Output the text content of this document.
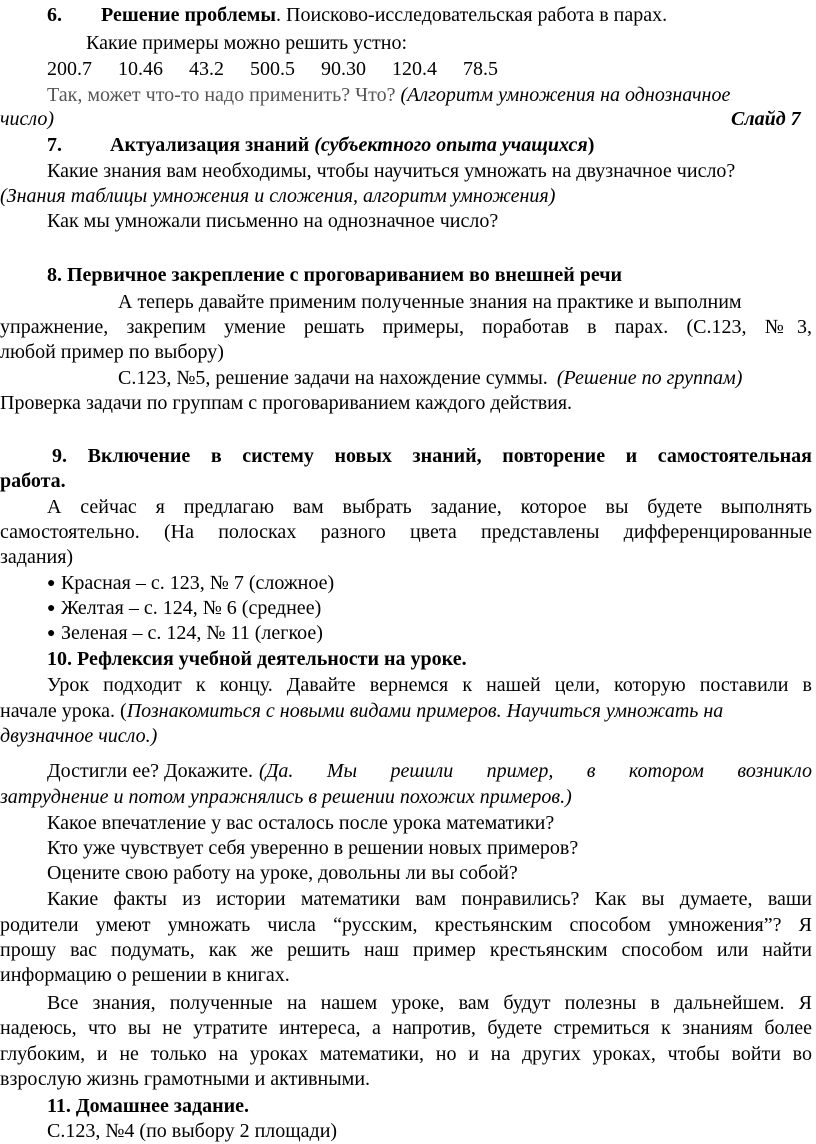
6. Решение проблемы. Поисково-исследовательская работа в парах.
Какие примеры можно решить устно:
200.7 10.46 43.2 500.5 90.30 120.4 78.5
Так, может что-то надо применить? Что? (Алгоритм умножения на однозначное
число)	Слайд 7
7. Актуализация знаний (субъектного опыта учащихся)
Какие знания вам необходимы, чтобы научиться умножать на двузначное число?
(Знания таблицы умножения и сложения, алгоритм умножения)
Как мы умножали письменно на однозначное число?
8. Первичное закрепление с проговариванием во внешней речи
А теперь давайте применим полученные знания на практике и выполним
упражнение, закрепим умение решать примеры, поработав в парах. (С.123, №3,
любой пример по выбору)
С.123, №5, решение задачи на нахождение суммы. (Решение по группам)
Проверка задачи по группам с проговариванием каждого действия.
9. Включение в систему новых знаний, повторение и самостоятельная
работа.
А сейчас я предлагаю вам выбрать задание, которое вы будете выполнять
самостоятельно. (На полосках разного цвета представлены дифференцированные
задания)
● Красная – с. 123, № 7 (сложное)
● Желтая – с. 124, № 6 (среднее)
● Зеленая – с. 124, № 11 (легкое)
10. Рефлексия учебной деятельности на уроке.
Урок подходит к концу. Давайте вернемся к нашей цели, которую поставили в
начале урока. (Познакомиться с новыми видами примеров. Научиться умножать на
двузначное число.)
Достигли ее? Докажите. (Да. Мы решили пример, в котором возникло
затруднение и потом упражнялись в решении похожих примеров.)
Какое впечатление у вас осталось после урока математики?
Кто уже чувствует себя уверенно в решении новых примеров?
Оцените свою работу на уроке, довольны ли вы собой?
Какие факты из истории математики вам понравились? Как вы думаете, ваши
родители умеют умножать числа “русским, крестьянским способом умножения”? Я
прошу вас подумать, как же решить наш пример крестьянским способом или найти
информацию о решении в книгах.
Все знания, полученные на нашем уроке, вам будут полезны в дальнейшем. Я
надеюсь, что вы не утратите интереса, а напротив, будете стремиться к знаниям более
глубоким, и не только на уроках математики, но и на других уроках, чтобы войти во
взрослую жизнь грамотными и активными.
11. Домашнее задание.
С.123, №4 (по выбору 2 площади)
